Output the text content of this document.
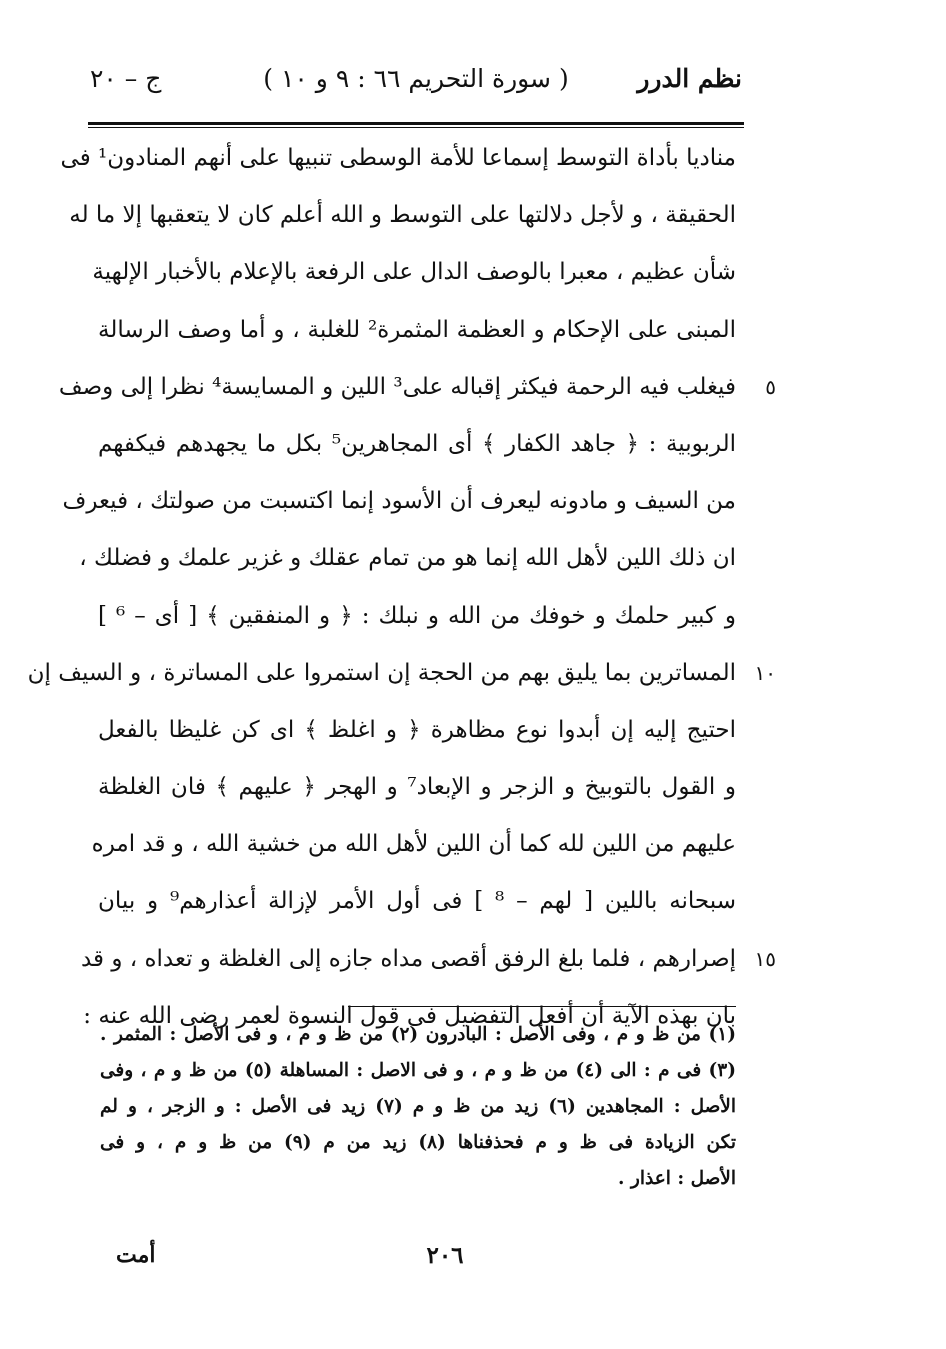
( سورة التحريم ٦٦ : ٩ و ١٠ )
ج – ٢٠	نظم الدرر
مناديا بأداة التوسط إسماعا للأمة الوسطى تنبيها على أنهم المنادون¹ فى
الحقيقة ، و لأجل دلالتها على التوسط و الله أعلم كان لا يتعقبها إلا ما له
شأن عظيم ، معبرا بالوصف الدال على الرفعة بالإعلام بالأخبار الإلهية
المبنى على الإحكام و العظمة المثمرة² للغلبة ، و أما وصف الرسالة
٥
فيغلب فيه الرحمة فيكثر إقباله على³ اللين و المسايسة⁴ نظرا إلى وصف
الربوبية : ﴿ جاهد الكفار ﴾ أى المجاهرين⁵ بكل ما يجهدهم فيكفهم
من السيف و مادونه ليعرف أن الأسود إنما اكتسبت من صولتك ، فيعرف
ان ذلك اللين لأهل الله إنما هو من تمام عقلك و غزير علمك و فضلك ،
و كبير حلمك و خوفك من الله و نبلك : ﴿ و المنفقين ﴾ [ أى – ⁶ ]
١٠
المساترين بما يليق بهم من الحجة إن استمروا على المساترة ، و السيف إن
احتيج إليه إن أبدوا نوع مظاهرة ﴿ و اغلظ ﴾ اى كن غليظا بالفعل
و القول بالتوبيخ و الزجر و الإبعاد⁷ و الهجر ﴿ عليهم ﴾ فان الغلظة
عليهم من اللين لله كما أن اللين لأهل الله من خشية الله ، و قد امره
سبحانه باللين [ لهم – ⁸ ] فى أول الأمر لإزالة أعذارهم⁹ و بيان
١٥
إصرارهم ، فلما بلغ الرفق أقصى مداه جازه إلى الغلظة و تعداه ، و قد
بان بهذه الآية أن أفعل التفضيل فى قول النسوة لعمر رضى الله عنه :
(١) من ظ و م ، وفى الأصل : البادرون (٢) من ظ و م ، و فى الأصل : المثمر .
(٣) فى م : الى (٤) من ظ و م ، و فى الاصل : المساهلة (٥) من ظ و م ، وفى
الأصل : المجاهدين (٦) زيد من ظ و م (٧) زيد فى الأصل : و الزجر ، و لم
تكن الزيادة فى ظ و م فحذفناها (٨) زيد من م (٩) من ظ و م ، و فى
الأصل : اعذار .
٢٠٦
أمت
